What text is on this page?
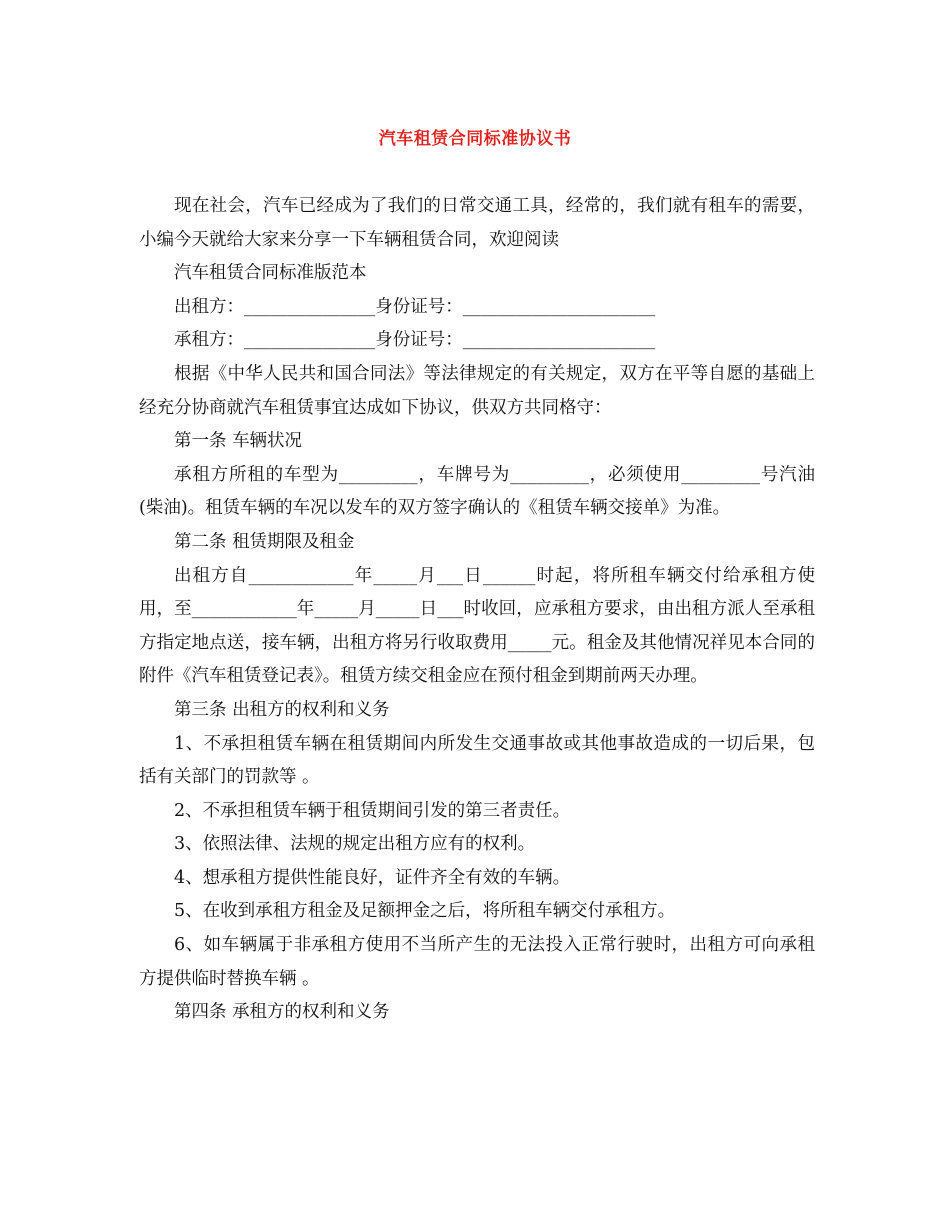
汽车租赁合同标准协议书

现在社会，汽车已经成为了我们的日常交通工具，经常的，我们就有租车的需要，小编今天就给大家来分享一下车辆租赁合同，欢迎阅读

汽车租赁合同标准版范本

出租方：_______________身份证号：______________________

承租方：_______________身份证号：______________________

根据《中华人民共和国合同法》等法律规定的有关规定，双方在平等自愿的基础上经充分协商就汽车租赁事宜达成如下协议，供双方共同格守：

第一条 车辆状况

承租方所租的车型为_________，车牌号为_________，必须使用_________号汽油(柴油)。租赁车辆的车况以发车的双方签字确认的《租赁车辆交接单》为准。

第二条 租赁期限及租金

出租方自____________年_____月___日______时起，将所租车辆交付给承租方使用，至____________年_____月_____日___时收回，应承租方要求，由出租方派人至承租方指定地点送，接车辆，出租方将另行收取费用_____元。租金及其他情况祥见本合同的附件《汽车租赁登记表》。租赁方续交租金应在预付租金到期前两天办理。

第三条 出租方的权利和义务

1、不承担租赁车辆在租赁期间内所发生交通事故或其他事故造成的一切后果，包括有关部门的罚款等 。

2、不承担租赁车辆于租赁期间引发的第三者责任。

3、依照法律、法规的规定出租方应有的权利。

4、想承租方提供性能良好，证件齐全有效的车辆。

5、在收到承租方租金及足额押金之后，将所租车辆交付承租方。

6、如车辆属于非承租方使用不当所产生的无法投入正常行驶时，出租方可向承租方提供临时替换车辆 。

第四条 承租方的权利和义务
